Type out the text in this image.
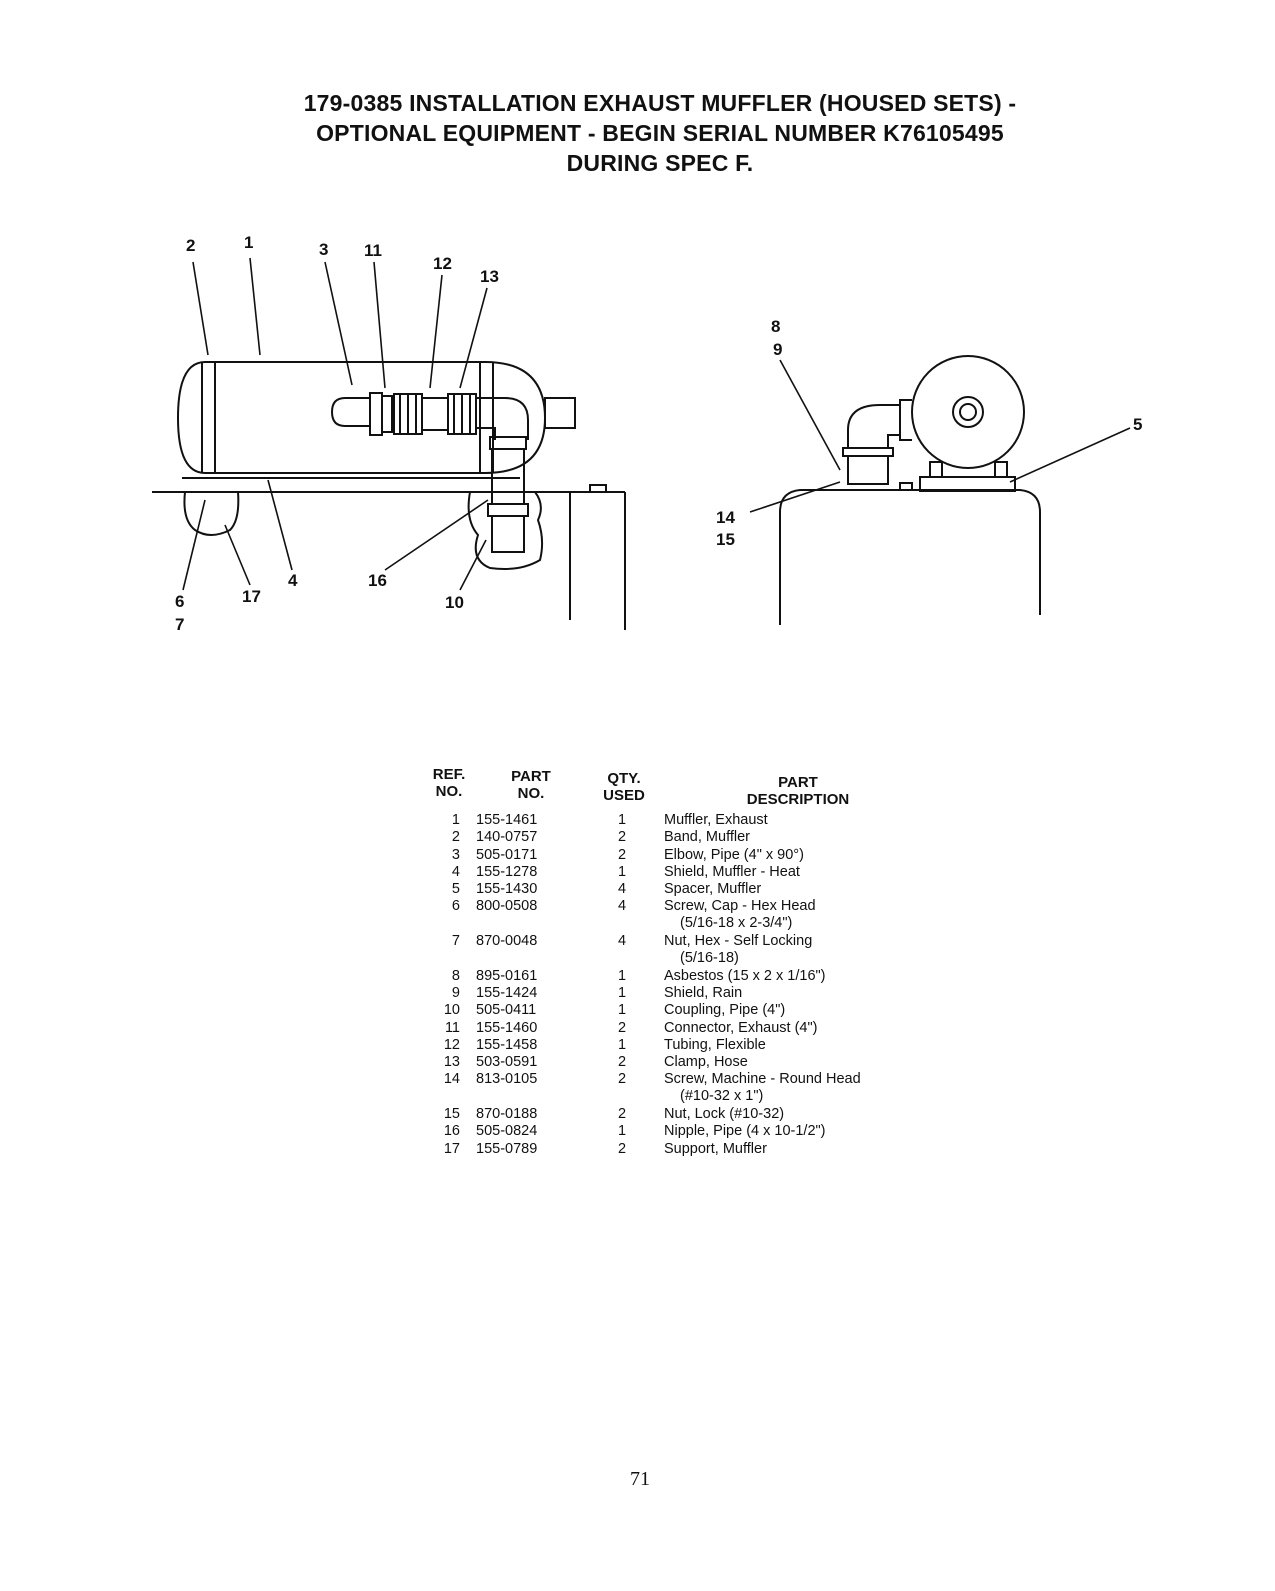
179-0385 INSTALLATION EXHAUST MUFFLER (HOUSED SETS) -
OPTIONAL EQUIPMENT - BEGIN SERIAL NUMBER K76105495
DURING SPEC F.
2	1	3 11
12
13
8
9
5
14
15
6
7
17
4	16
10
REF.
NO.
PART
NO.
QTY.
USED
PART
DESCRIPTION
1 155-1461	1	Muffler, Exhaust
2 140-0757	2	Band, Muffler
3 505-0171	2	Elbow, Pipe (4" x 90°)
4 155-1278	1	Shield, Muffler - Heat
5 155-1430	4	Spacer, Muffler
6 800-0508	4	Screw, Cap - Hex Head
(5/16-18 x 2-3/4")
7 870-0048	4	Nut, Hex - Self Locking
(5/16-18)
8 895-0161	1	Asbestos (15 x 2 x 1/16")
9 155-1424	1	Shield, Rain
10 505-0411	1	Coupling, Pipe (4")
11 155-1460	2	Connector, Exhaust (4")
12 155-1458	1	Tubing, Flexible
13 503-0591	2	Clamp, Hose
14 813-0105	2	Screw, Machine - Round Head
(#10-32 x 1")
15 870-0188	2	Nut, Lock (#10-32)
16 505-0824	1	Nipple, Pipe (4 x 10-1/2")
17 155-0789	2	Support, Muffler
71
